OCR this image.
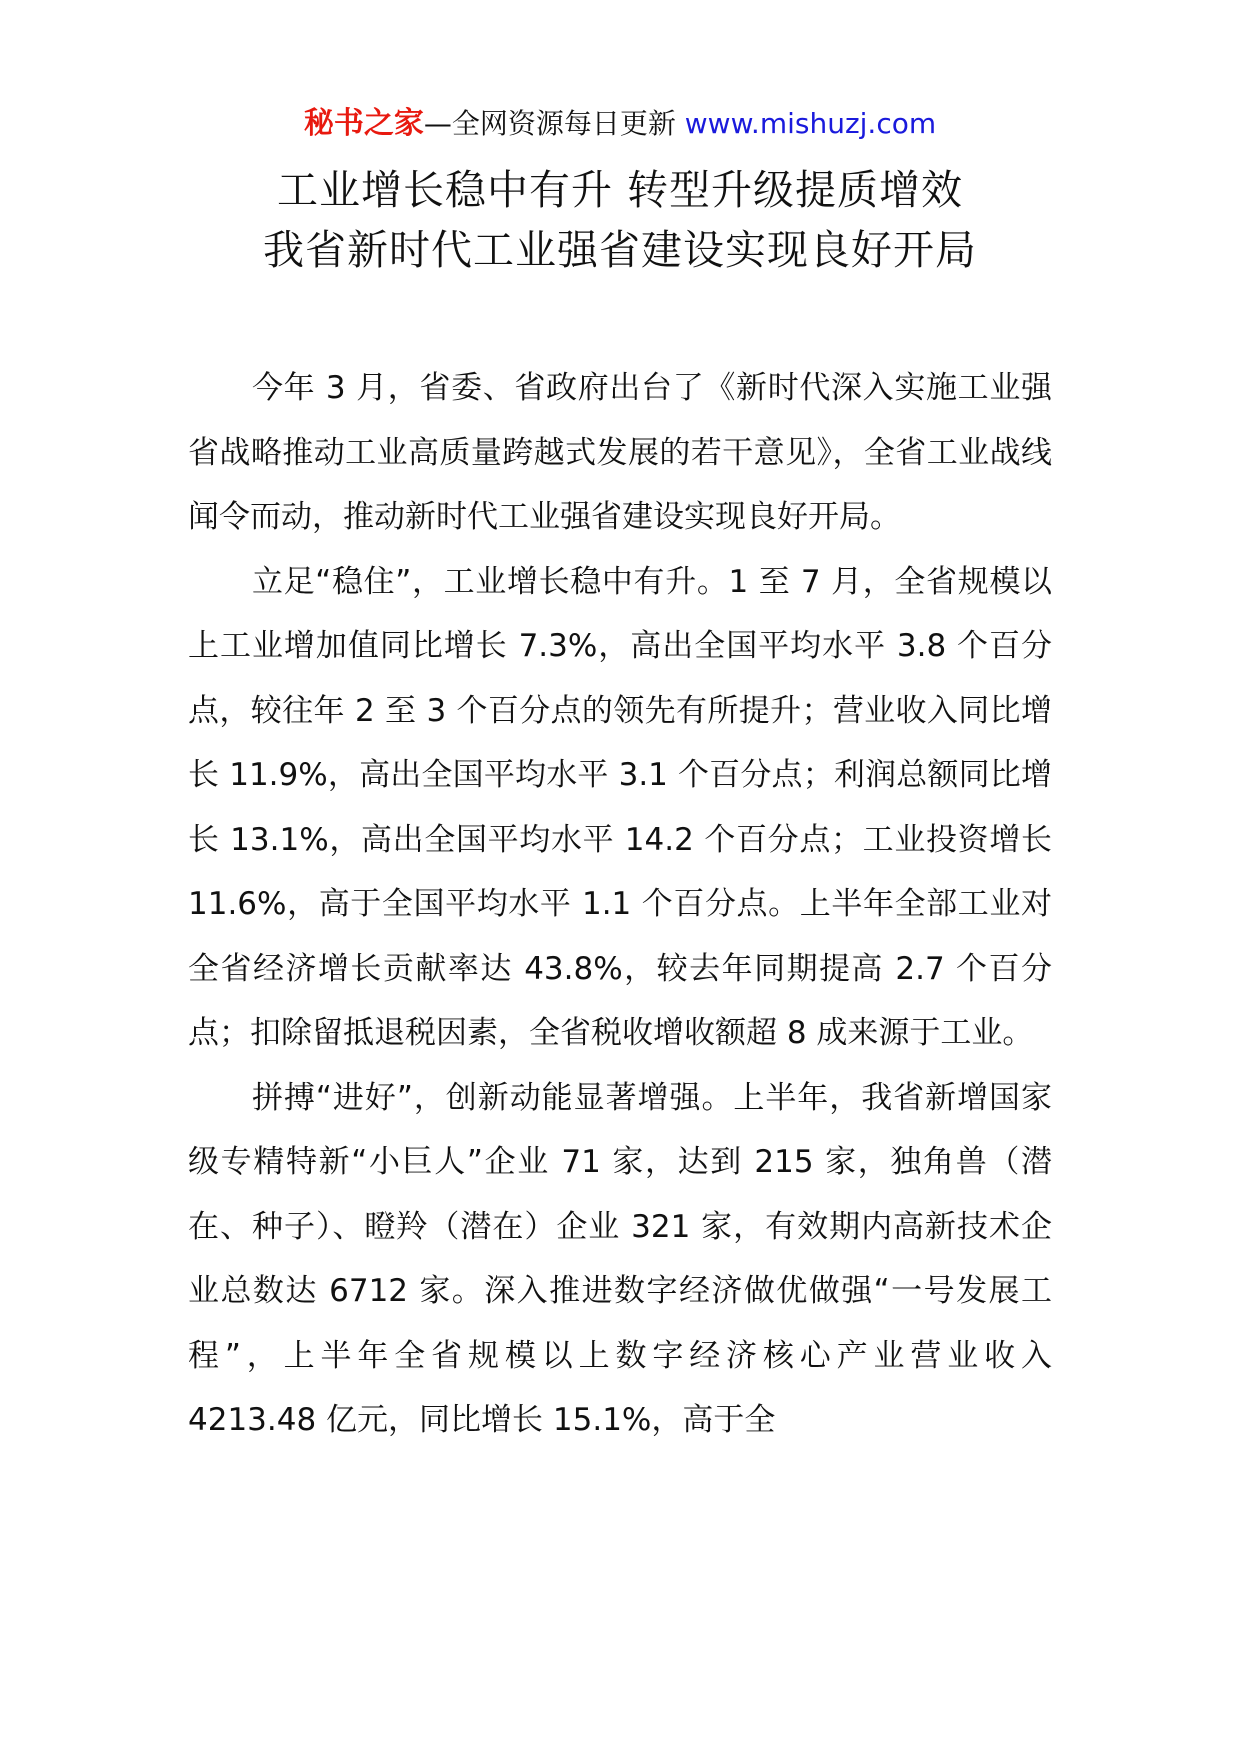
秘书之家—全网资源每日更新 www.mishuzj.com

工业增长稳中有升 转型升级提质增效

我省新时代工业强省建设实现良好开局

今年 3 月，省委、省政府出台了《新时代深入实施工业强省战略推动工业高质量跨越式发展的若干意见》，全省工业战线闻令而动，推动新时代工业强省建设实现良好开局。

立足“稳住”，工业增长稳中有升。1 至 7 月，全省规模以上工业增加值同比增长 7.3%，高出全国平均水平 3.8 个百分点，较往年 2 至 3 个百分点的领先有所提升；营业收入同比增长 11.9%，高出全国平均水平 3.1 个百分点；利润总额同比增长 13.1%，高出全国平均水平 14.2 个百分点；工业投资增长 11.6%，高于全国平均水平 1.1 个百分点。上半年全部工业对全省经济增长贡献率达 43.8%，较去年同期提高 2.7 个百分点；扣除留抵退税因素，全省税收增收额超 8 成来源于工业。

拼搏“进好”，创新动能显著增强。上半年，我省新增国家级专精特新“小巨人”企业 71 家，达到 215 家，独角兽（潜在、种子）、瞪羚（潜在）企业 321 家，有效期内高新技术企业总数达 6712 家。深入推进数字经济做优做强“一号发展工程”，上半年全省规模以上数字经济核心产业营业收入 4213.48 亿元，同比增长 15.1%，高于全
